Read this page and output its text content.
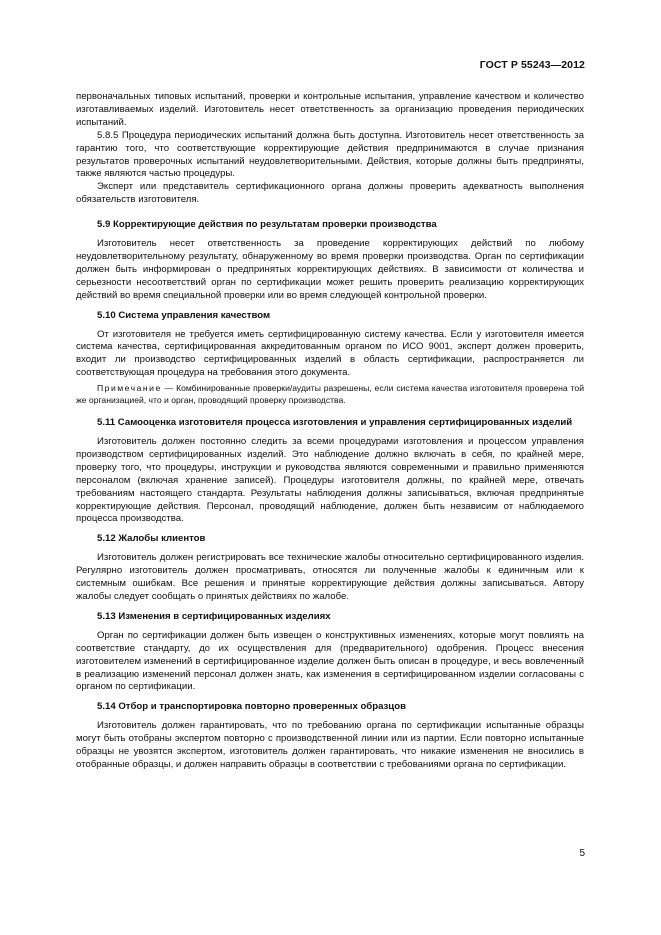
ГОСТ Р 55243—2012

первоначальных типовых испытаний, проверки и контрольные испытания, управление качеством и количество изготавливаемых изделий. Изготовитель несет ответственность за организацию проведения периодических испытаний.

5.8.5 Процедура периодических испытаний должна быть доступна. Изготовитель несет ответственность за гарантию того, что соответствующие корректирующие действия предпринимаются в случае признания результатов проверочных испытаний неудовлетворительными. Действия, которые должны быть предприняты, также являются частью процедуры.

Эксперт или представитель сертификационного органа должны проверить адекватность выполнения обязательств изготовителя.

5.9 Корректирующие действия по результатам проверки производства

Изготовитель несет ответственность за проведение корректирующих действий по любому неудовлетворительному результату, обнаруженному во время проверки производства. Орган по сертификации должен быть информирован о предпринятых корректирующих действиях. В зависимости от количества и серьезности несоответствий орган по сертификации может решить проверить реализацию корректирующих действий во время специальной проверки или во время следующей контрольной проверки.

5.10 Система управления качеством

От изготовителя не требуется иметь сертифицированную систему качества. Если у изготовителя имеется система качества, сертифицированная аккредитованным органом по ИСО 9001, эксперт должен проверить, входит ли производство сертифицированных изделий в область сертификации, распространяется ли соответствующая процедура на требования этого документа.

Примечание — Комбинированные проверки/аудиты разрешены, если система качества изготовителя проверена той же организацией, что и орган, проводящий проверку производства.

5.11 Самооценка изготовителя процесса изготовления и управления сертифицированных изделий

Изготовитель должен постоянно следить за всеми процедурами изготовления и процессом управления производством сертифицированных изделий. Это наблюдение должно включать в себя, по крайней мере, проверку того, что процедуры, инструкции и руководства являются современными и правильно применяются персоналом (включая хранение записей). Процедуры изготовителя должны, по крайней мере, отвечать требованиям настоящего стандарта. Результаты наблюдения должны записываться, включая предпринятые корректирующие действия. Персонал, проводящий наблюдение, должен быть независим от наблюдаемого процесса производства.

5.12 Жалобы клиентов

Изготовитель должен регистрировать все технические жалобы относительно сертифицированного изделия. Регулярно изготовитель должен просматривать, относятся ли полученные жалобы к единичным или к системным ошибкам. Все решения и принятые корректирующие действия должны записываться. Автору жалобы следует сообщать о принятых действиях по жалобе.

5.13 Изменения в сертифицированных изделиях

Орган по сертификации должен быть извещен о конструктивных изменениях, которые могут повлиять на соответствие стандарту, до их осуществления для (предварительного) одобрения. Процесс внесения изготовителем изменений в сертифицированное изделие должен быть описан в процедуре, и весь вовлеченный в реализацию изменений персонал должен знать, как изменения в сертифицированном изделии согласованы с органом по сертификации.

5.14 Отбор и транспортировка повторно проверенных образцов

Изготовитель должен гарантировать, что по требованию органа по сертификации испытанные образцы могут быть отобраны экспертом повторно с производственной линии или из партии. Если повторно испытанные образцы не увозятся экспертом, изготовитель должен гарантировать, что никакие изменения не вносились в отобранные образцы, и должен направить образцы в соответствии с требованиями органа по сертификации.

5
